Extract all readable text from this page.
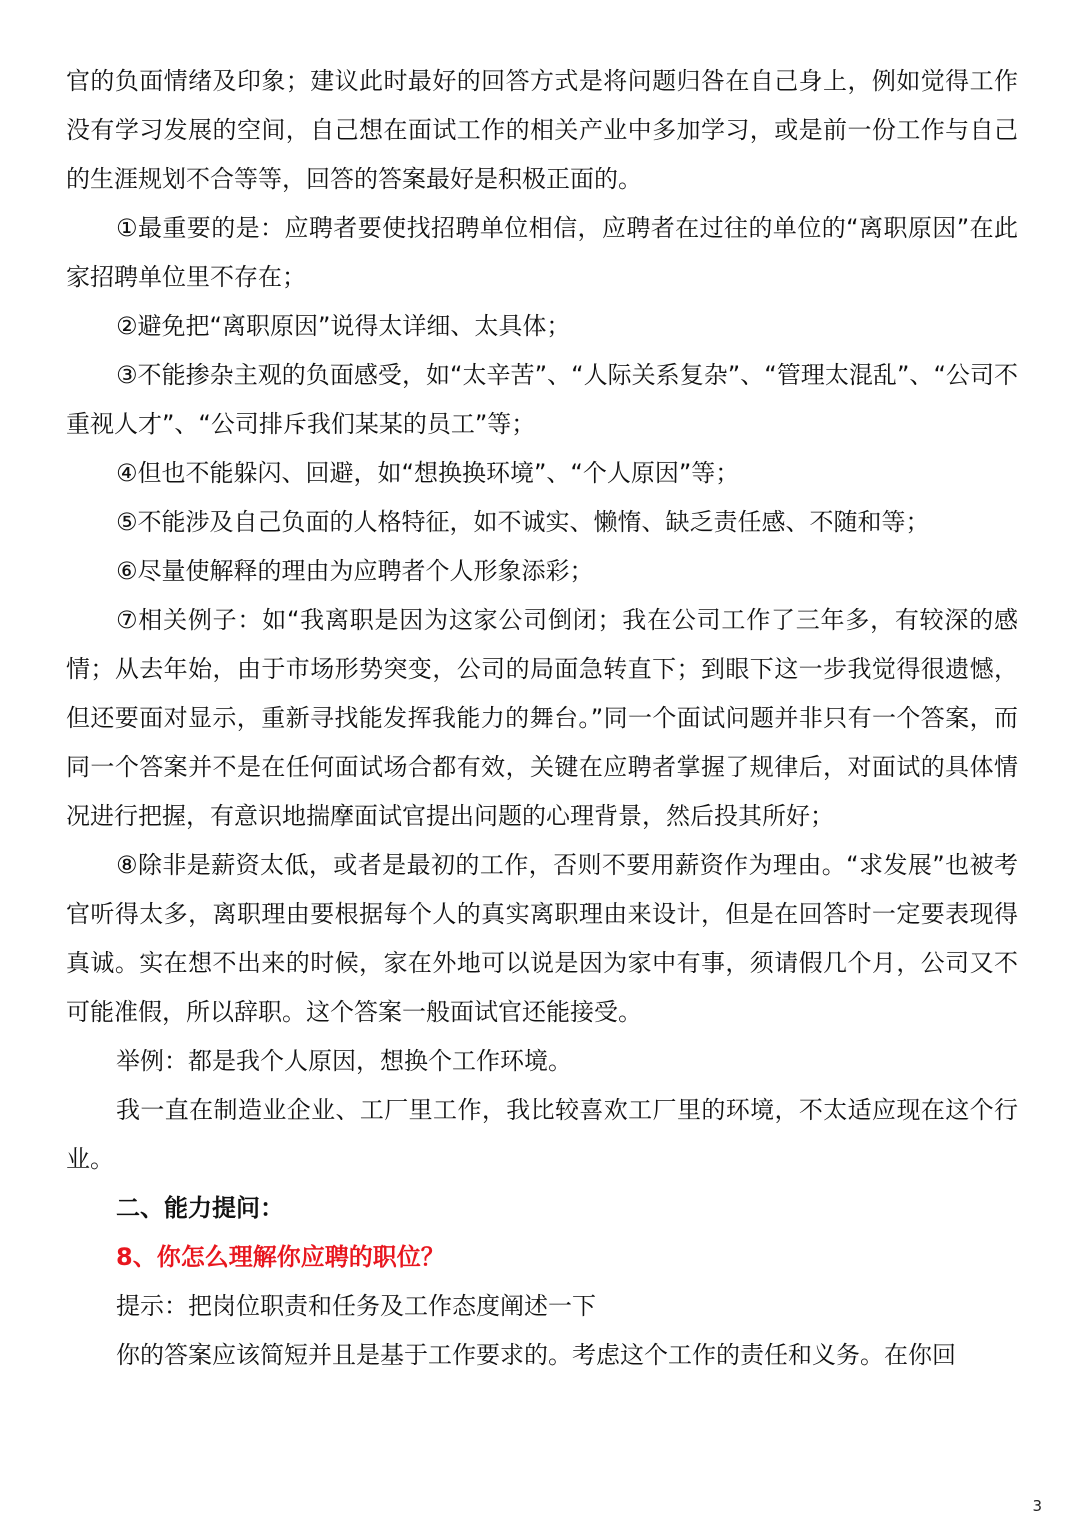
官的负面情绪及印象；建议此时最好的回答方式是将问题归咎在自己身上，例如觉得工作没有学习发展的空间，自己想在面试工作的相关产业中多加学习，或是前一份工作与自己的生涯规划不合等等，回答的答案最好是积极正面的。

①最重要的是：应聘者要使找招聘单位相信，应聘者在过往的单位的“离职原因”在此家招聘单位里不存在；

②避免把“离职原因”说得太详细、太具体；

③不能掺杂主观的负面感受，如“太辛苦”、“人际关系复杂”、“管理太混乱”、“公司不重视人才”、“公司排斥我们某某的员工”等；

④但也不能躲闪、回避，如“想换换环境”、“个人原因”等；

⑤不能涉及自己负面的人格特征，如不诚实、懒惰、缺乏责任感、不随和等；

⑥尽量使解释的理由为应聘者个人形象添彩；

⑦相关例子：如“我离职是因为这家公司倒闭；我在公司工作了三年多，有较深的感情；从去年始，由于市场形势突变，公司的局面急转直下；到眼下这一步我觉得很遗憾，但还要面对显示，重新寻找能发挥我能力的舞台。”同一个面试问题并非只有一个答案，而同一个答案并不是在任何面试场合都有效，关键在应聘者掌握了规律后，对面试的具体情况进行把握，有意识地揣摩面试官提出问题的心理背景，然后投其所好；

⑧除非是薪资太低，或者是最初的工作，否则不要用薪资作为理由。“求发展”也被考官听得太多，离职理由要根据每个人的真实离职理由来设计，但是在回答时一定要表现得真诚。实在想不出来的时候，家在外地可以说是因为家中有事，须请假几个月，公司又不可能准假，所以辞职。这个答案一般面试官还能接受。

举例：都是我个人原因，想换个工作环境。

我一直在制造业企业、工厂里工作，我比较喜欢工厂里的环境，不太适应现在这个行业。

二、能力提问：

8、你怎么理解你应聘的职位？

提示：把岗位职责和任务及工作态度阐述一下

你的答案应该简短并且是基于工作要求的。考虑这个工作的责任和义务。在你回

3
